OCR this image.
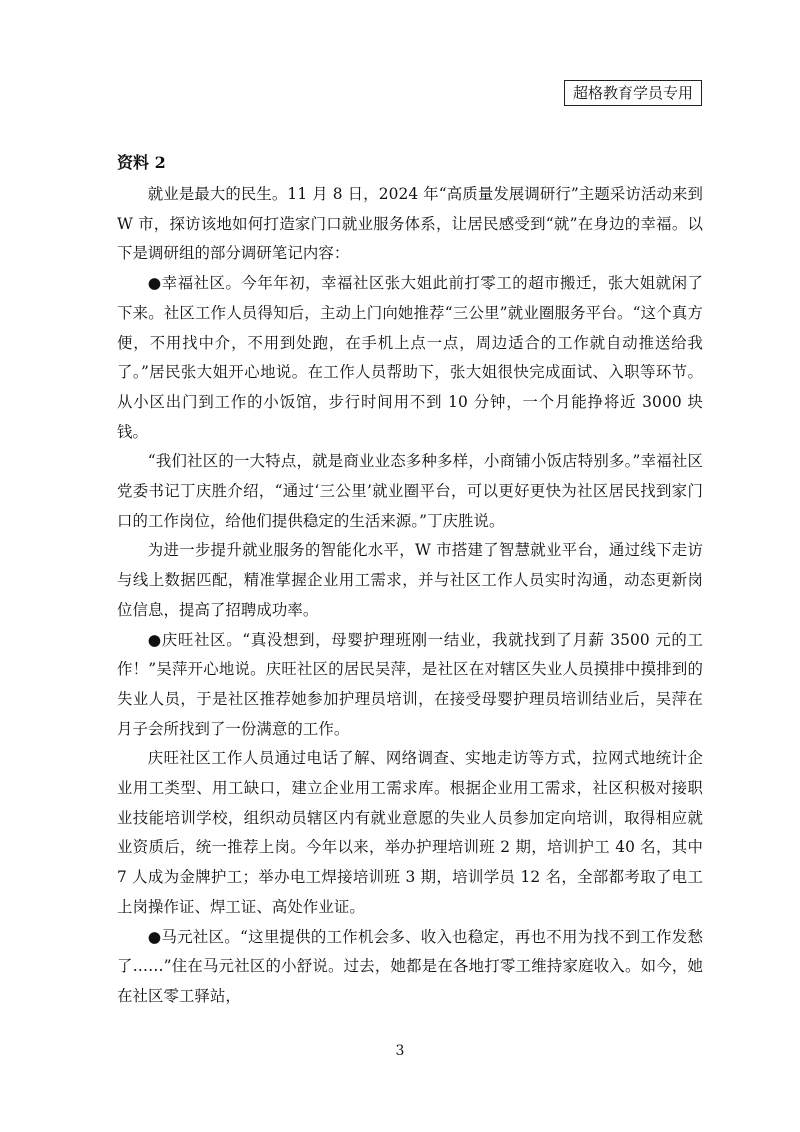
超格教育学员专用
资料 2

就业是最大的民生。11 月 8 日，2024 年“高质量发展调研行”主题采访活动来到 W 市，探访该地如何打造家门口就业服务体系，让居民感受到“就”在身边的幸福。以下是调研组的部分调研笔记内容：

●幸福社区。今年年初，幸福社区张大姐此前打零工的超市搬迁，张大姐就闲了下来。社区工作人员得知后，主动上门向她推荐“三公里”就业圈服务平台。“这个真方便，不用找中介，不用到处跑，在手机上点一点，周边适合的工作就自动推送给我了。”居民张大姐开心地说。在工作人员帮助下，张大姐很快完成面试、入职等环节。从小区出门到工作的小饭馆，步行时间用不到 10 分钟，一个月能挣将近 3000 块钱。

“我们社区的一大特点，就是商业业态多种多样，小商铺小饭店特别多。”幸福社区党委书记丁庆胜介绍，“通过‘三公里’就业圈平台，可以更好更快为社区居民找到家门口的工作岗位，给他们提供稳定的生活来源。”丁庆胜说。

为进一步提升就业服务的智能化水平，W 市搭建了智慧就业平台，通过线下走访与线上数据匹配，精准掌握企业用工需求，并与社区工作人员实时沟通，动态更新岗位信息，提高了招聘成功率。

●庆旺社区。“真没想到，母婴护理班刚一结业，我就找到了月薪 3500 元的工作！”吴萍开心地说。庆旺社区的居民吴萍，是社区在对辖区失业人员摸排中摸排到的失业人员，于是社区推荐她参加护理员培训，在接受母婴护理员培训结业后，吴萍在月子会所找到了一份满意的工作。

庆旺社区工作人员通过电话了解、网络调查、实地走访等方式，拉网式地统计企业用工类型、用工缺口，建立企业用工需求库。根据企业用工需求，社区积极对接职业技能培训学校，组织动员辖区内有就业意愿的失业人员参加定向培训，取得相应就业资质后，统一推荐上岗。今年以来，举办护理培训班 2 期，培训护工 40 名，其中 7 人成为金牌护工；举办电工焊接培训班 3 期，培训学员 12 名，全部都考取了电工上岗操作证、焊工证、高处作业证。

●马元社区。“这里提供的工作机会多、收入也稳定，再也不用为找不到工作发愁了……”住在马元社区的小舒说。过去，她都是在各地打零工维持家庭收入。如今，她在社区零工驿站，

3
